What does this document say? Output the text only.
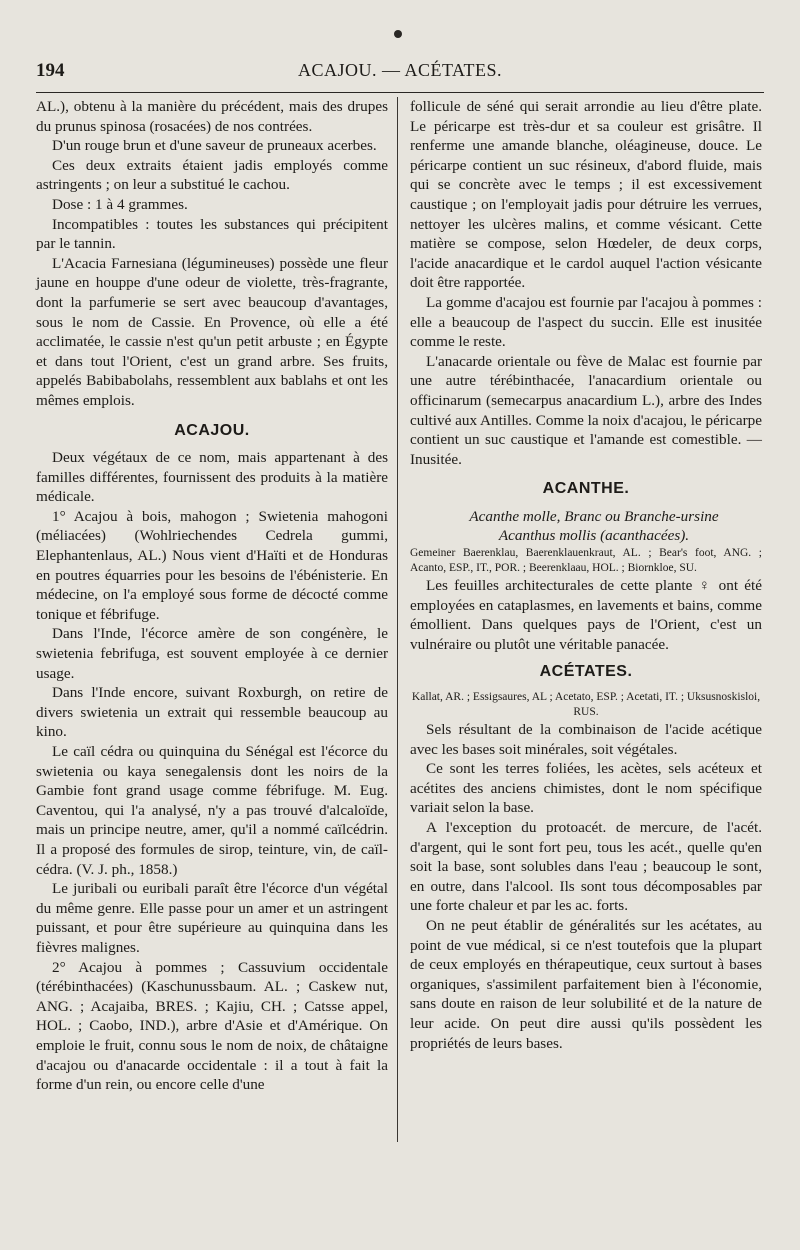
194	ACAJOU. — ACÉTATES.

AL.), obtenu à la manière du précédent, mais des drupes du prunus spinosa (rosacées) de nos contrées.

D'un rouge brun et d'une saveur de pruneaux acerbes.

Ces deux extraits étaient jadis employés comme astringents ; on leur a substitué le cachou.

Dose : 1 à 4 grammes.

Incompatibles : toutes les substances qui précipitent par le tannin.

L'Acacia Farnesiana (légumineuses) possède une fleur jaune en houppe d'une odeur de violette, très-fragrante, dont la parfumerie se sert avec beaucoup d'avantages, sous le nom de Cassie. En Provence, où elle a été acclimatée, le cassie n'est qu'un petit arbuste ; en Égypte et dans tout l'Orient, c'est un grand arbre. Ses fruits, appelés Babibabolahs, ressemblent aux bablahs et ont les mêmes emplois.

ACAJOU.

Deux végétaux de ce nom, mais appartenant à des familles différentes, fournissent des produits à la matière médicale.

1° Acajou à bois, mahogon ; Swietenia mahogoni (méliacées) (Wohlriechendes Cedrela gummi, Elephantenlaus, AL.) Nous vient d'Haïti et de Honduras en poutres équarries pour les besoins de l'ébénisterie. En médecine, on l'a employé sous forme de décocté comme tonique et fébrifuge.

Dans l'Inde, l'écorce amère de son congénère, le swietenia febrifuga, est souvent employée à ce dernier usage.

Dans l'Inde encore, suivant Roxburgh, on retire de divers swietenia un extrait qui ressemble beaucoup au kino.

Le caïl cédra ou quinquina du Sénégal est l'écorce du swietenia ou kaya senegalensis dont les noirs de la Gambie font grand usage comme fébrifuge. M. Eug. Caventou, qui l'a analysé, n'y a pas trouvé d'alcaloïde, mais un principe neutre, amer, qu'il a nommé caïlcédrin. Il a proposé des formules de sirop, teinture, vin, de caïl-cédra. (V. J. ph., 1858.)

Le juribali ou euribali paraît être l'écorce d'un végétal du même genre. Elle passe pour un amer et un astringent puissant, et pour être supérieure au quinquina dans les fièvres malignes.

2° Acajou à pommes ; Cassuvium occidentale (térébinthacées) (Kaschunussbaum. AL. ; Caskew nut, ANG. ; Acajaiba, BRES. ; Kajiu, CH. ; Catsse appel, HOL. ; Caobo, IND.), arbre d'Asie et d'Amérique. On emploie le fruit, connu sous le nom de noix, de châtaigne d'acajou ou d'anacarde occidentale : il a tout à fait la forme d'un rein, ou encore celle d'une

follicule de séné qui serait arrondie au lieu d'être plate. Le péricarpe est très-dur et sa couleur est grisâtre. Il renferme une amande blanche, oléagineuse, douce. Le péricarpe contient un suc résineux, d'abord fluide, mais qui se concrète avec le temps ; il est excessivement caustique ; on l'employait jadis pour détruire les verrues, nettoyer les ulcères malins, et comme vésicant. Cette matière se compose, selon Hœdeler, de deux corps, l'acide anacardique et le cardol auquel l'action vésicante doit être rapportée.

La gomme d'acajou est fournie par l'acajou à pommes : elle a beaucoup de l'aspect du succin. Elle est inusitée comme le reste.

L'anacarde orientale ou fève de Malac est fournie par une autre térébinthacée, l'anacardium orientale ou officinarum (semecarpus anacardium L.), arbre des Indes cultivé aux Antilles. Comme la noix d'acajou, le péricarpe contient un suc caustique et l'amande est comestible. — Inusitée.

ACANTHE.

Acanthe molle, Branc ou Branche-ursine

Acanthus mollis (acanthacées).

Gemeiner Baerenklau, Baerenklauenkraut, AL. ; Bear's foot, ANG. ; Acanto, ESP., IT., POR. ; Beerenklaau, HOL. ; Biornkloe, SU.

Les feuilles architecturales de cette plante ♀ ont été employées en cataplasmes, en lavements et bains, comme émollient. Dans quelques pays de l'Orient, c'est un vulnéraire ou plutôt une véritable panacée.

ACÉTATES.

Kallat, AR. ; Essigsaures, AL ; Acetato, ESP. ; Acetati, IT. ; Uksusnoskisloi, RUS.

Sels résultant de la combinaison de l'acide acétique avec les bases soit minérales, soit végétales.

Ce sont les terres foliées, les acètes, sels acéteux et acétites des anciens chimistes, dont le nom spécifique variait selon la base.

A l'exception du protoacét. de mercure, de l'acét. d'argent, qui le sont fort peu, tous les acét., quelle qu'en soit la base, sont solubles dans l'eau ; beaucoup le sont, en outre, dans l'alcool. Ils sont tous décomposables par une forte chaleur et par les ac. forts.

On ne peut établir de généralités sur les acétates, au point de vue médical, si ce n'est toutefois que la plupart de ceux employés en thérapeutique, ceux surtout à bases organiques, s'assimilent parfaitement bien à l'économie, sans doute en raison de leur solubilité et de la nature de leur acide. On peut dire aussi qu'ils possèdent les propriétés de leurs bases.
